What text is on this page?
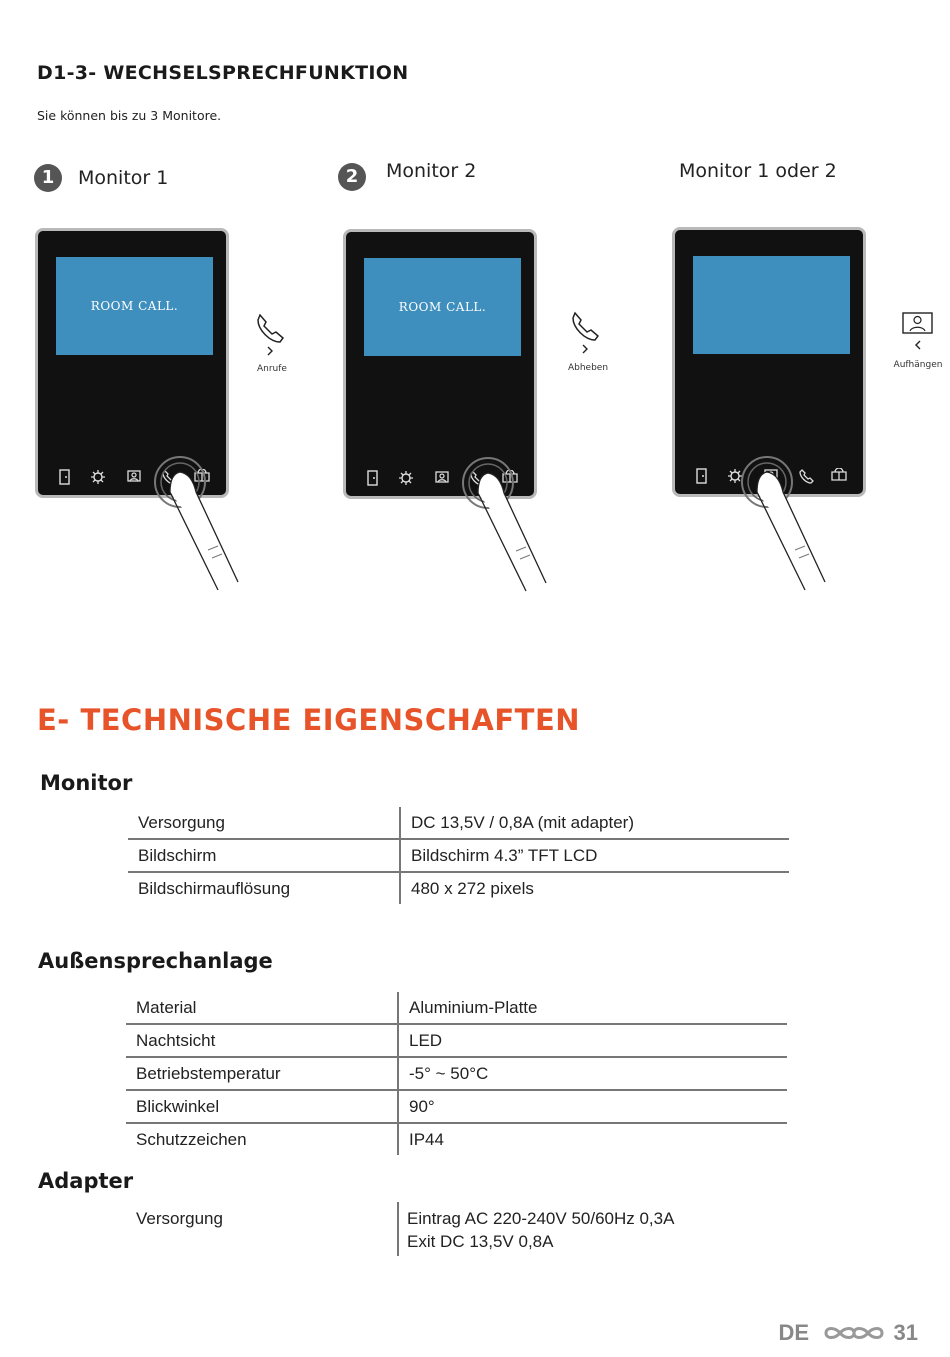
D1-3- WECHSELSPRECHFUNKTION
Sie können bis zu 3 Monitore.
1	Monitor 1	2	Monitor 2	Monitor 1 oder 2
ROOM CALL.
Anrufe
ROOM CALL.
Abheben	Aufhängen
E- TECHNISCHE EIGENSCHAFTEN
Monitor
Versorgung	DC 13,5V / 0,8A (mit adapter)
Bildschirm	Bildschirm 4.3” TFT LCD
Bildschirmauflösung	480 x 272 pixels
Außensprechanlage
Material	Aluminium-Platte
Nachtsicht	LED
Betriebstemperatur	-5° ~ 50°C
Blickwinkel	90°
Schutzzeichen	IP44
Adapter
Versorgung	Eintrag AC 220-240V 50/60Hz 0,3A
Exit DC 13,5V 0,8A
DE	31
